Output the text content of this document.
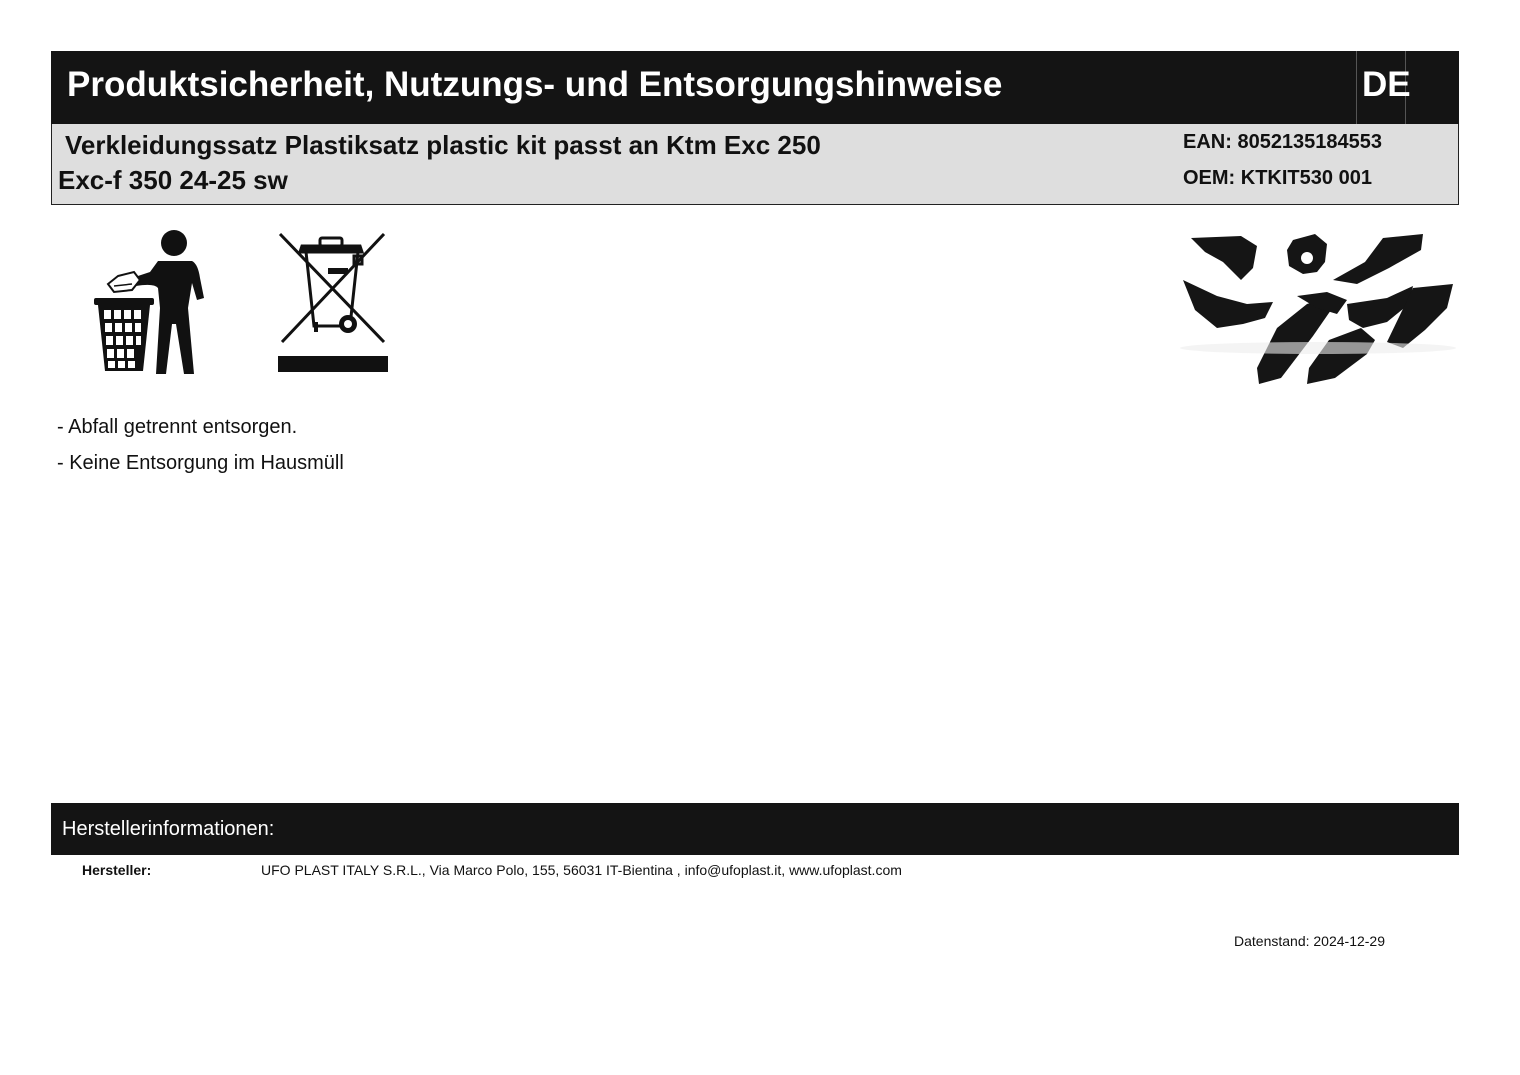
Produktsicherheit, Nutzungs- und Entsorgungshinweise	DE
Verkleidungssatz Plastiksatz plastic kit passt an Ktm Exc 250
Exc-f 350 24-25 sw
EAN: 8052135184553
OEM: KTKIT530 001
- Abfall getrennt entsorgen.
- Keine Entsorgung im Hausmüll
Herstellerinformationen:
Hersteller:	UFO PLAST ITALY S.R.L., Via Marco Polo, 155, 56031 IT-Bientina , info@ufoplast.it, www.ufoplast.com
Datenstand: 2024-12-29
